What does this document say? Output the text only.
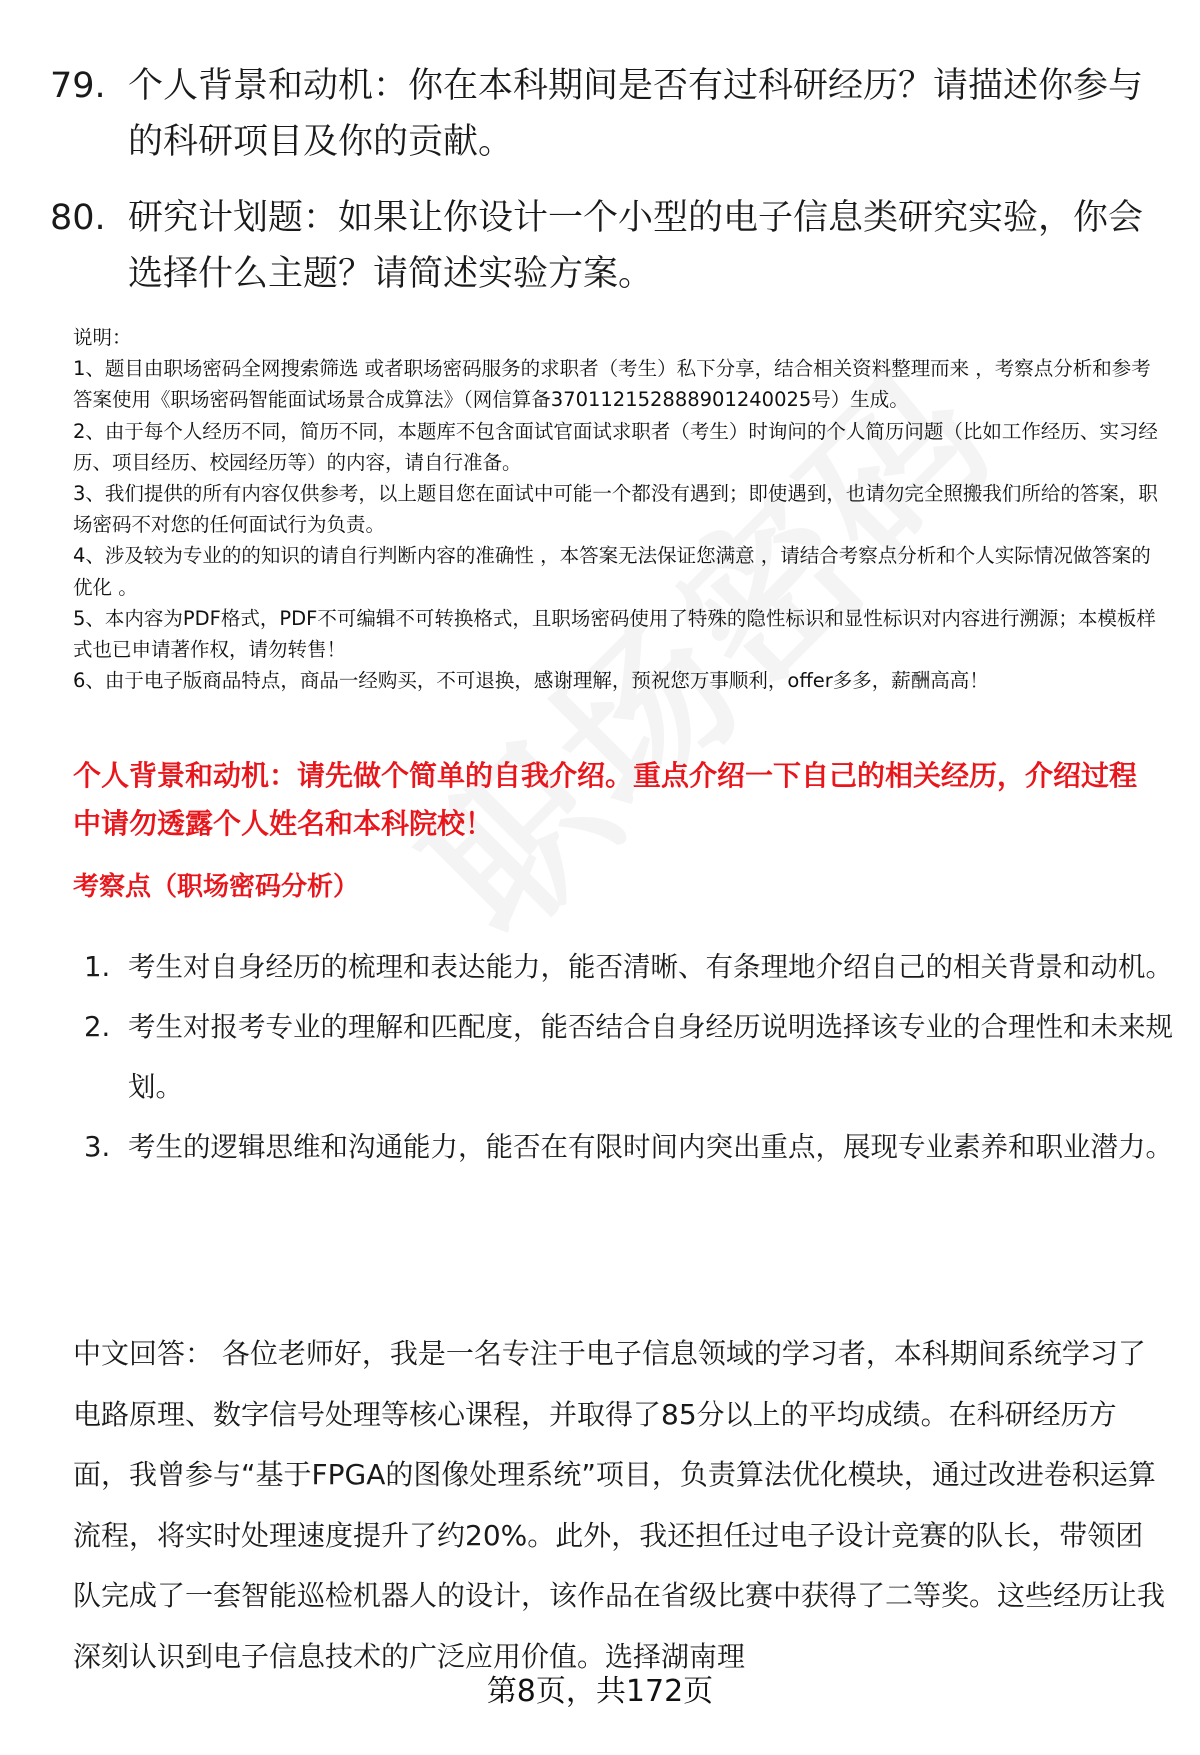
79. 个人背景和动机：你在本科期间是否有过科研经历？请描述你参与的科研项目及你的贡献。
80. 研究计划题：如果让你设计一个小型的电子信息类研究实验，你会选择什么主题？请简述实验方案。

说明：

1、题目由职场密码全网搜索筛选 或者职场密码服务的求职者（考生）私下分享，结合相关资料整理而来 ，考察点分析和参考答案使用《职场密码智能面试场景合成算法》（网信算备370112152888901240025号）生成。

2、由于每个人经历不同，简历不同，本题库不包含面试官面试求职者（考生）时询问的个人简历问题（比如工作经历、实习经历、项目经历、校园经历等）的内容，请自行准备。

3、我们提供的所有内容仅供参考，以上题目您在面试中可能一个都没有遇到；即使遇到，也请勿完全照搬我们所给的答案，职场密码不对您的任何面试行为负责。

4、涉及较为专业的的知识的请自行判断内容的准确性 ，本答案无法保证您满意 ，请结合考察点分析和个人实际情况做答案的优化 。

5、本内容为PDF格式，PDF不可编辑不可转换格式，且职场密码使用了特殊的隐性标识和显性标识对内容进行溯源；本模板样式也已申请著作权，请勿转售！

6、由于电子版商品特点，商品一经购买，不可退换，感谢理解，预祝您万事顺利，offer多多，薪酬高高！

个人背景和动机：请先做个简单的自我介绍。重点介绍一下自己的相关经历，介绍过程中请勿透露个人姓名和本科院校！
考察点（职场密码分析）
1. 考生对自身经历的梳理和表达能力，能否清晰、有条理地介绍自己的相关背景和动机。
2. 考生对报考专业的理解和匹配度，能否结合自身经历说明选择该专业的合理性和未来规划。
3. 考生的逻辑思维和沟通能力，能否在有限时间内突出重点，展现专业素养和职业潜力。

中文回答： 各位老师好，我是一名专注于电子信息领域的学习者，本科期间系统学习了电路原理、数字信号处理等核心课程，并取得了85分以上的平均成绩。在科研经历方面，我曾参与“基于FPGA的图像处理系统”项目，负责算法优化模块，通过改进卷积运算流程，将实时处理速度提升了约20%。此外，我还担任过电子设计竞赛的队长，带领团队完成了一套智能巡检机器人的设计，该作品在省级比赛中获得了二等奖。这些经历让我深刻认识到电子信息技术的广泛应用价值。选择湖南理

第8页，共172页
